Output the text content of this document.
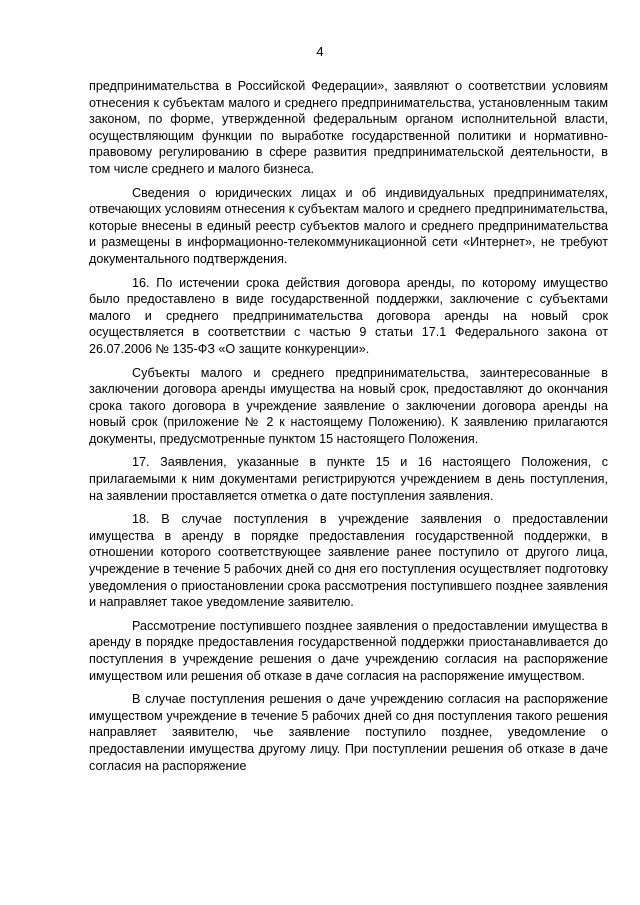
4

предпринимательства в Российской Федерации», заявляют о соответствии условиям отнесения к субъектам малого и среднего предпринимательства, установленным таким законом, по форме, утвержденной федеральным органом исполнительной власти, осуществляющим функции по выработке государственной политики и нормативно-правовому регулированию в сфере развития предпринимательской деятельности, в том числе среднего и малого бизнеса.

Сведения о юридических лицах и об индивидуальных предпринимателях, отвечающих условиям отнесения к субъектам малого и среднего предпринимательства, которые внесены в единый реестр субъектов малого и среднего предпринимательства и размещены в информационно-телекоммуникационной сети «Интернет», не требуют документального подтверждения.

16. По истечении срока действия договора аренды, по которому имущество было предоставлено в виде государственной поддержки, заключение с субъектами малого и среднего предпринимательства договора аренды на новый срок осуществляется в соответствии с частью 9 статьи 17.1 Федерального закона от 26.07.2006 № 135-ФЗ «О защите конкуренции».

Субъекты малого и среднего предпринимательства, заинтересованные в заключении договора аренды имущества на новый срок, предоставляют до окончания срока такого договора в учреждение заявление о заключении договора аренды на новый срок (приложение № 2 к настоящему Положению). К заявлению прилагаются документы, предусмотренные пунктом 15 настоящего Положения.

17. Заявления, указанные в пункте 15 и 16 настоящего Положения, с прилагаемыми к ним документами регистрируются учреждением в день поступления, на заявлении проставляется отметка о дате поступления заявления.

18. В случае поступления в учреждение заявления о предоставлении имущества в аренду в порядке предоставления государственной поддержки, в отношении которого соответствующее заявление ранее поступило от другого лица, учреждение в течение 5 рабочих дней со дня его поступления осуществляет подготовку уведомления о приостановлении срока рассмотрения поступившего позднее заявления и направляет такое уведомление заявителю.

Рассмотрение поступившего позднее заявления о предоставлении имущества в аренду в порядке предоставления государственной поддержки приостанавливается до поступления в учреждение решения о даче учреждению согласия на распоряжение имуществом или решения об отказе в даче согласия на распоряжение имуществом.

В случае поступления решения о даче учреждению согласия на распоряжение имуществом учреждение в течение 5 рабочих дней со дня поступления такого решения направляет заявителю, чье заявление поступило позднее, уведомление о предоставлении имущества другому лицу. При поступлении решения об отказе в даче согласия на распоряжение
